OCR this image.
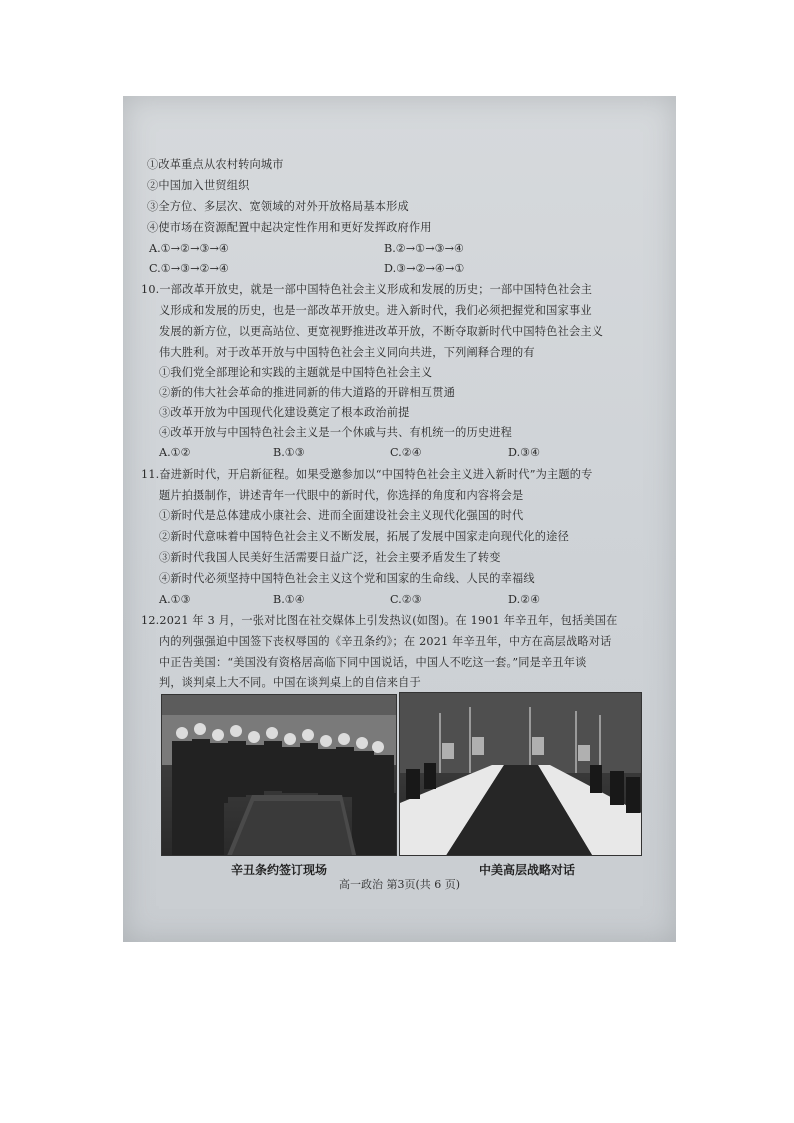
①改革重点从农村转向城市
②中国加入世贸组织
③全方位、多层次、宽领域的对外开放格局基本形成
④使市场在资源配置中起决定性作用和更好发挥政府作用
A.①→②→③→④	B.②→①→③→④
C.①→③→②→④	D.③→②→④→①
10.一部改革开放史，就是一部中国特色社会主义形成和发展的历史；一部中国特色社会主
义形成和发展的历史，也是一部改革开放史。进入新时代，我们必须把握党和国家事业
发展的新方位，以更高站位、更宽视野推进改革开放，不断夺取新时代中国特色社会主义
伟大胜利。对于改革开放与中国特色社会主义同向共进，下列阐释合理的有
①我们党全部理论和实践的主题就是中国特色社会主义
②新的伟大社会革命的推进同新的伟大道路的开辟相互贯通
③改革开放为中国现代化建设奠定了根本政治前提
④改革开放与中国特色社会主义是一个休戚与共、有机统一的历史进程
A.①②	B.①③	C.②④	D.③④
11.奋进新时代，开启新征程。如果受邀参加以“中国特色社会主义进入新时代”为主题的专
题片拍摄制作，讲述青年一代眼中的新时代，你选择的角度和内容将会是
①新时代是总体建成小康社会、进而全面建设社会主义现代化强国的时代
②新时代意味着中国特色社会主义不断发展，拓展了发展中国家走向现代化的途径
③新时代我国人民美好生活需要日益广泛，社会主要矛盾发生了转变
④新时代必须坚持中国特色社会主义这个党和国家的生命线、人民的幸福线
A.①③	B.①④	C.②③	D.②④
12.2021 年 3 月，一张对比图在社交媒体上引发热议(如图)。在 1901 年辛丑年，包括美国在
内的列强强迫中国签下丧权辱国的《辛丑条约》；在 2021 年辛丑年，中方在高层战略对话
中正告美国：“美国没有资格居高临下同中国说话，中国人不吃这一套。”同是辛丑年谈
辛丑条约签订现场	中美高层战略对话
高一政治 第3页(共 6 页)
判，谈判桌上大不同。中国在谈判桌上的自信来自于
